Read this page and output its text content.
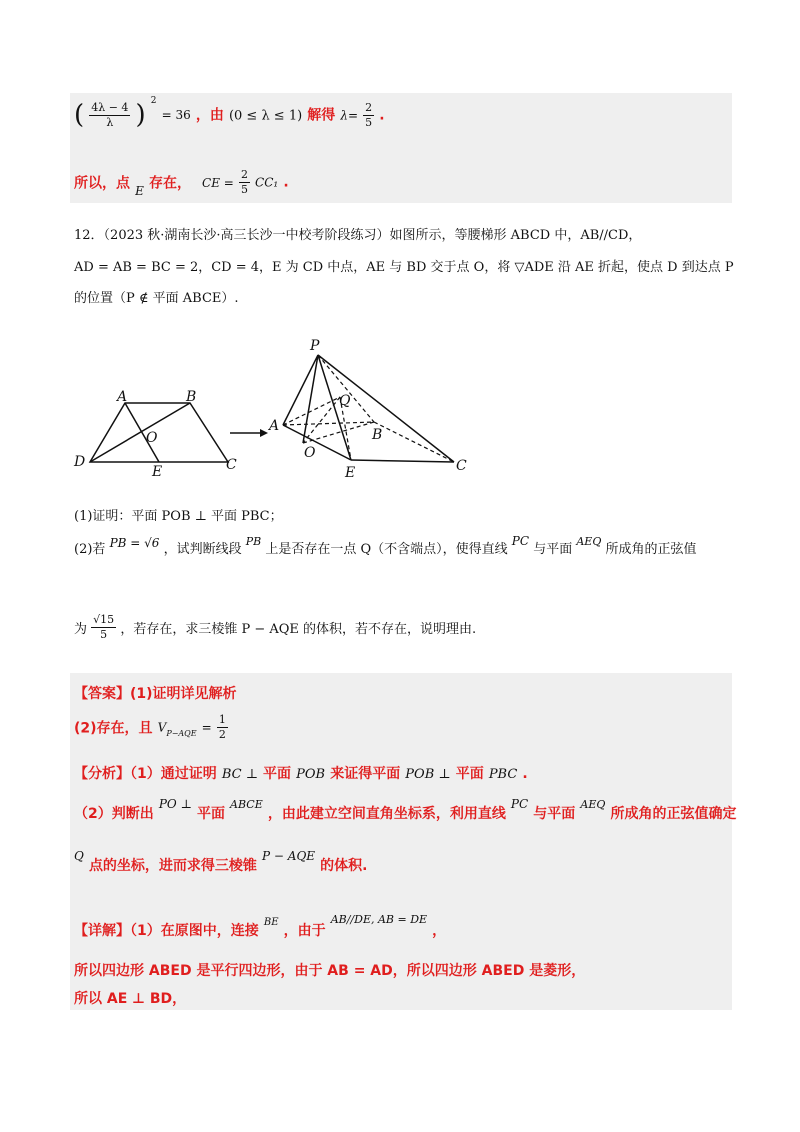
( $\frac{4\lambda - 4}{\lambda}$ ) $^2$ = 36 ，由 (0 ≤ λ ≤ 1) 解得 $\lambda= \frac{2}{5}$ .
所以，点 $_E$ 存在， CE = $\frac{2}{5} CC_1$ .
12．（2023 秋·湖南长沙·高三长沙一中校考阶段练习）如图所示，等腰梯形 ABCD 中，AB//CD，
AD = AB = BC = 2，CD = 4，E 为 CD 中点，AE 与 BD 交于点 O，将 ▽ADE 沿 AE 折起，使点 D 到达点 P
的位置（P ∉ 平面 ABCE）.
A	B
O
D
E	C
P
Q
A
B
O
E	C
(1)证明：平面 POB ⊥ 平面 PBC；
(2)若 PB = √6 ，试判断线段 $^{PB}$ 上是否存在一点 Q（不含端点），使得直线 PC 与平面 $^{AEQ}$ 所成角的正弦值
为 $\frac{√15}{5}$ ，若存在，求三棱锥 P − AQE 的体积，若不存在，说明理由.
【答案】(1)证明详见解析
(2)存在，且 $V_{P-AQE} = \frac{1}{2}$
【分析】（1）通过证明 BC ⊥ 平面 POB 来证得平面 POB ⊥ 平面 PBC .
（2）判断出 $^{PO \perp}$ 平面 $^{ABCE}$ ，由此建立空间直角坐标系，利用直线 $^{PC}$ 与平面 $^{AEQ}$ 所成角的正弦值确定
$^Q$ 点的坐标，进而求得三棱锥 $^{P - AQE}$ 的体积.
【详解】（1）在原图中，连接 $^{BE}$ ，由于 $^{AB//DE, AB = DE}$ ，
所以四边形 ABED 是平行四边形，由于 AB = AD，所以四边形 ABED 是菱形，
所以 AE ⊥ BD，
